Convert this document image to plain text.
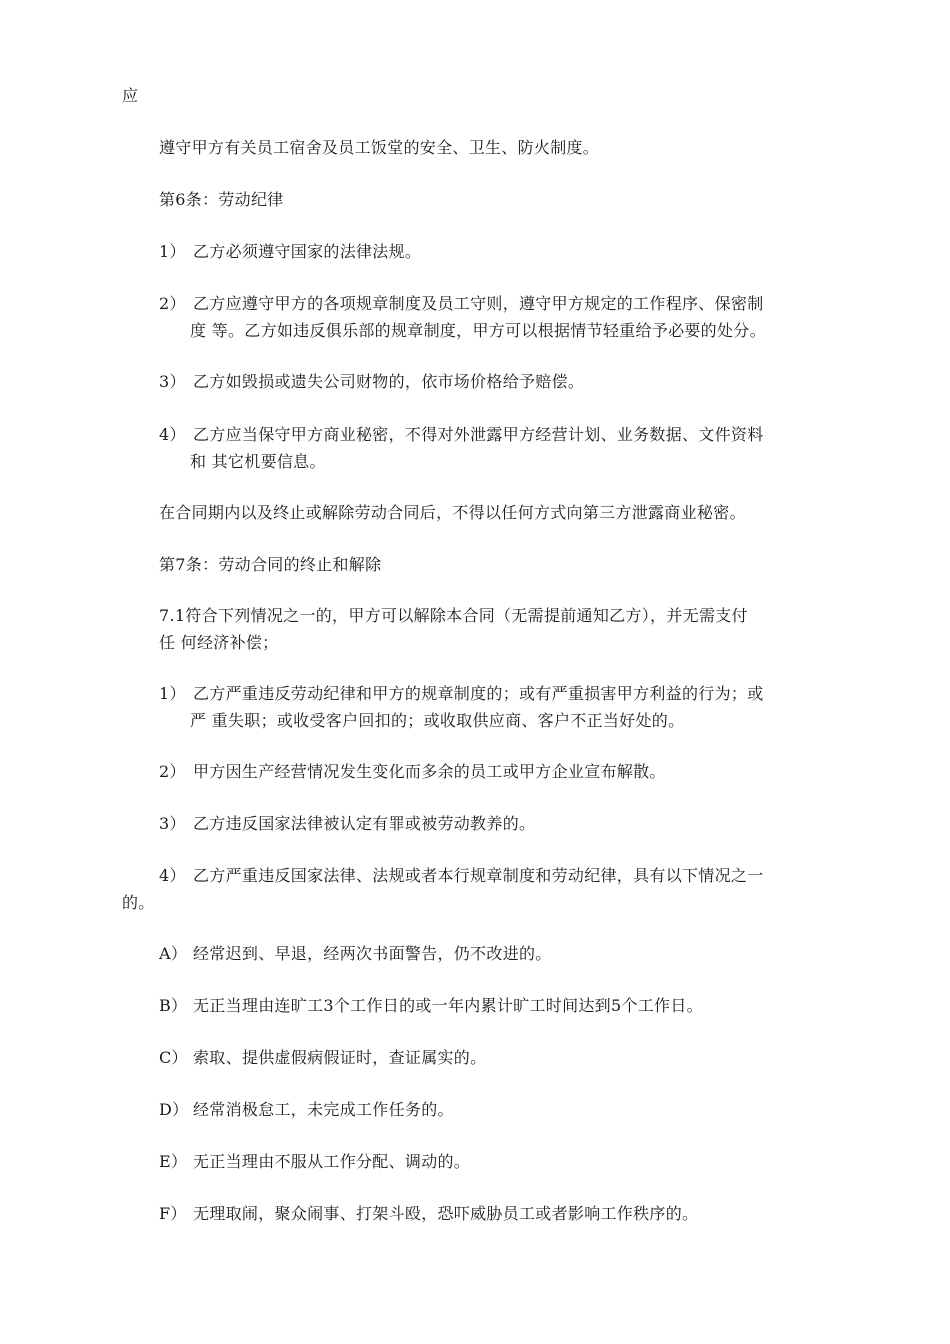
应
遵守甲方有关员工宿舍及员工饭堂的安全、卫生、防火制度。
第6条：劳动纪律
1） 乙方必须遵守国家的法律法规。
2） 乙方应遵守甲方的各项规章制度及员工守则，遵守甲方规定的工作程序、保密制
度 等。乙方如违反俱乐部的规章制度，甲方可以根据情节轻重给予必要的处分。
3） 乙方如毁损或遗失公司财物的，依市场价格给予赔偿。
4） 乙方应当保守甲方商业秘密，不得对外泄露甲方经营计划、业务数据、文件资料
和 其它机要信息。
在合同期内以及终止或解除劳动合同后，不得以任何方式向第三方泄露商业秘密。
第7条：劳动合同的终止和解除
7.1符合下列情况之一的，甲方可以解除本合同（无需提前通知乙方），并无需支付
任 何经济补偿；
1） 乙方严重违反劳动纪律和甲方的规章制度的；或有严重损害甲方利益的行为；或
严 重失职；或收受客户回扣的；或收取供应商、客户不正当好处的。
2） 甲方因生产经营情况发生变化而多余的员工或甲方企业宣布解散。
3） 乙方违反国家法律被认定有罪或被劳动教养的。
4） 乙方严重违反国家法律、法规或者本行规章制度和劳动纪律，具有以下情况之一
的。
A） 经常迟到、早退，经两次书面警告，仍不改进的。
B） 无正当理由连旷工3个工作日的或一年内累计旷工时间达到5个工作日。
C） 索取、提供虚假病假证时，查证属实的。
D） 经常消极怠工，未完成工作任务的。
E） 无正当理由不服从工作分配、调动的。
F） 无理取闹，聚众闹事、打架斗殴，恐吓威胁员工或者影响工作秩序的。
